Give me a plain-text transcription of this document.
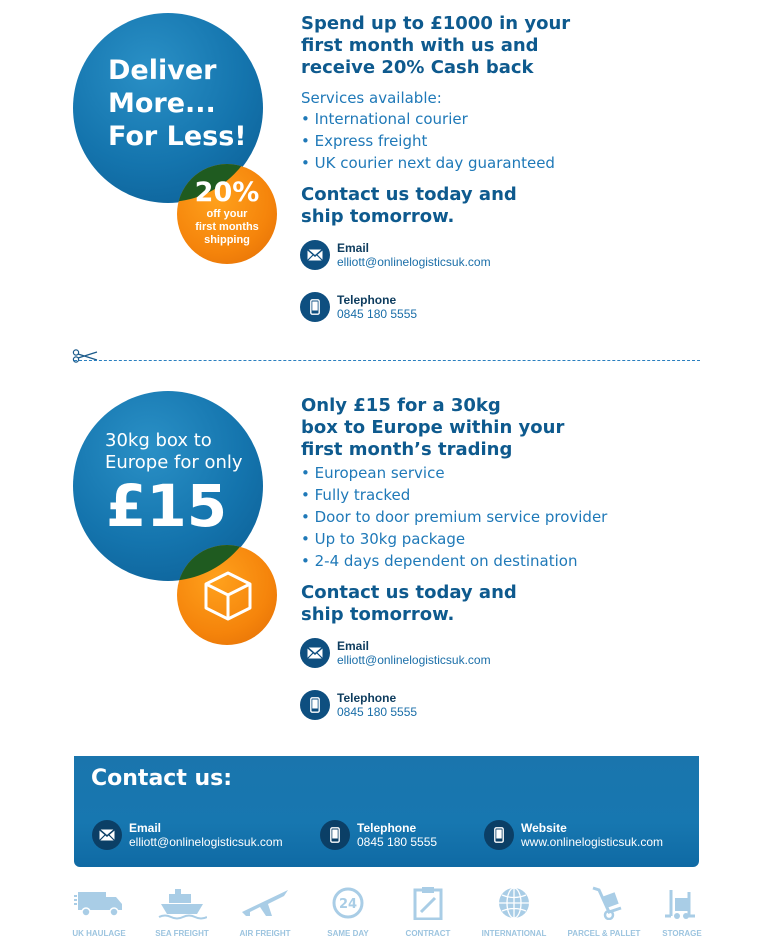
Deliver
More...
For Less!
20%
off your
first months
shipping
Spend up to £1000 in your
first month with us and
receive 20% Cash back
Services available:
• International courier
• Express freight
• UK courier next day guaranteed
Contact us today and
ship tomorrow.
Email
elliott@onlinelogisticsuk.com
Telephone
0845 180 5555
30kg box to
Europe for only
£15
Only £15 for a 30kg
box to Europe within your
first month’s trading
• European service
• Fully tracked
• Door to door premium service provider
• Up to 30kg package
• 2-4 days dependent on destination
Contact us today and
ship tomorrow.
Email
elliott@onlinelogisticsuk.com
Telephone
0845 180 5555
Contact us:
Email
elliott@onlinelogisticsuk.com
Telephone
0845 180 5555
Website
www.onlinelogisticsuk.com
UK HAULAGE	SEA FREIGHT	AIR FREIGHT
24
SAME DAY	CONTRACT	INTERNATIONAL	PARCEL & PALLET	STORAGE
